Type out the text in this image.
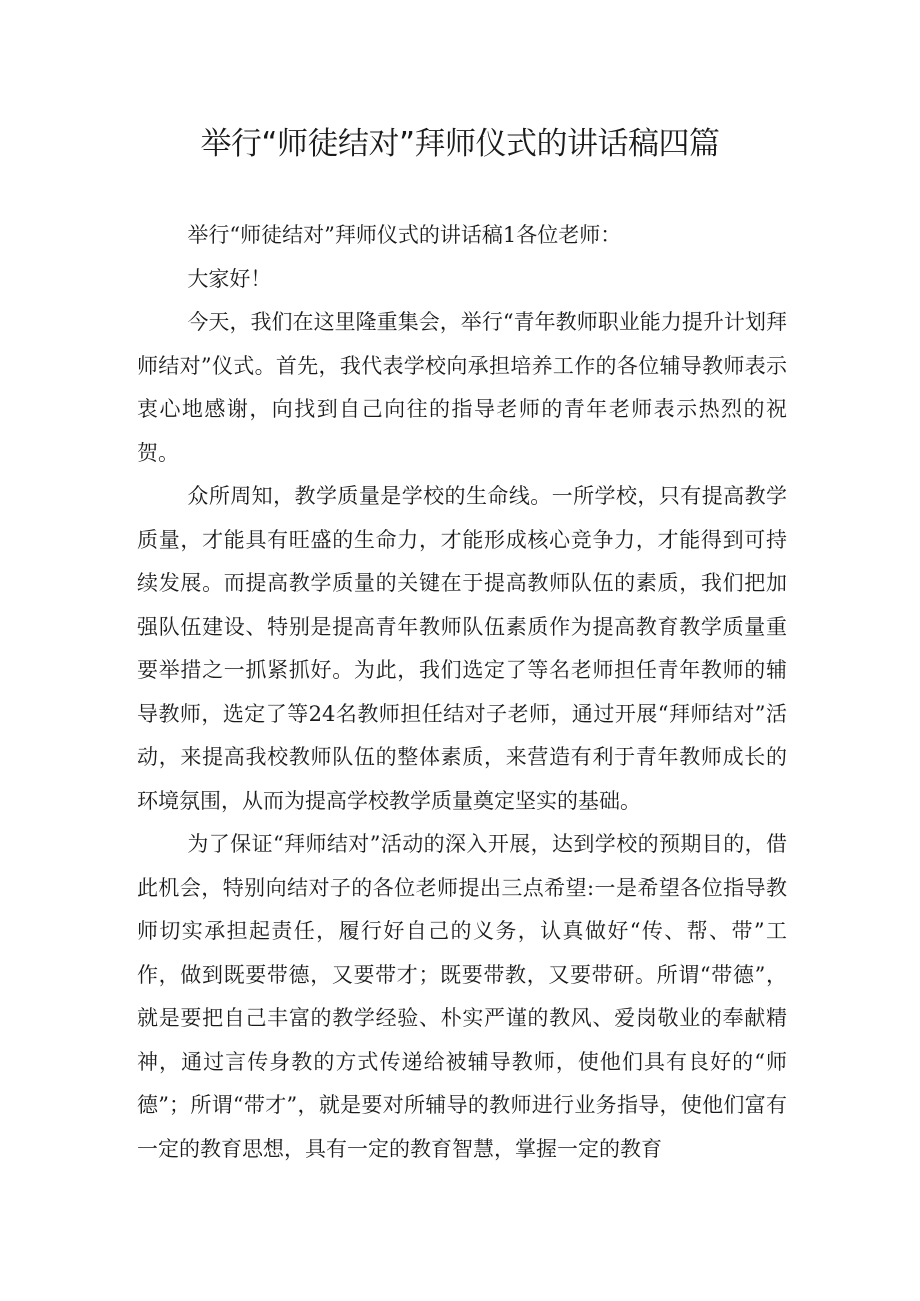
举行“师徒结对”拜师仪式的讲话稿四篇

举行“师徒结对”拜师仪式的讲话稿1各位老师：

大家好！

今天，我们在这里隆重集会，举行“青年教师职业能力提升计划拜师结对”仪式。首先，我代表学校向承担培养工作的各位辅导教师表示衷心地感谢，向找到自己向往的指导老师的青年老师表示热烈的祝贺。

众所周知，教学质量是学校的生命线。一所学校，只有提高教学质量，才能具有旺盛的生命力，才能形成核心竞争力，才能得到可持续发展。而提高教学质量的关键在于提高教师队伍的素质，我们把加强队伍建设、特别是提高青年教师队伍素质作为提高教育教学质量重要举措之一抓紧抓好。为此，我们选定了等名老师担任青年教师的辅导教师，选定了等24名教师担任结对子老师，通过开展“拜师结对”活动，来提高我校教师队伍的整体素质，来营造有利于青年教师成长的环境氛围，从而为提高学校教学质量奠定坚实的基础。

为了保证“拜师结对”活动的深入开展，达到学校的预期目的，借此机会，特别向结对子的各位老师提出三点希望:一是希望各位指导教师切实承担起责任，履行好自己的义务，认真做好“传、帮、带”工作，做到既要带德，又要带才；既要带教，又要带研。所谓“带德”，就是要把自己丰富的教学经验、朴实严谨的教风、爱岗敬业的奉献精神，通过言传身教的方式传递给被辅导教师，使他们具有良好的“师德”；所谓“带才”，就是要对所辅导的教师进行业务指导，使他们富有一定的教育思想，具有一定的教育智慧，掌握一定的教育
